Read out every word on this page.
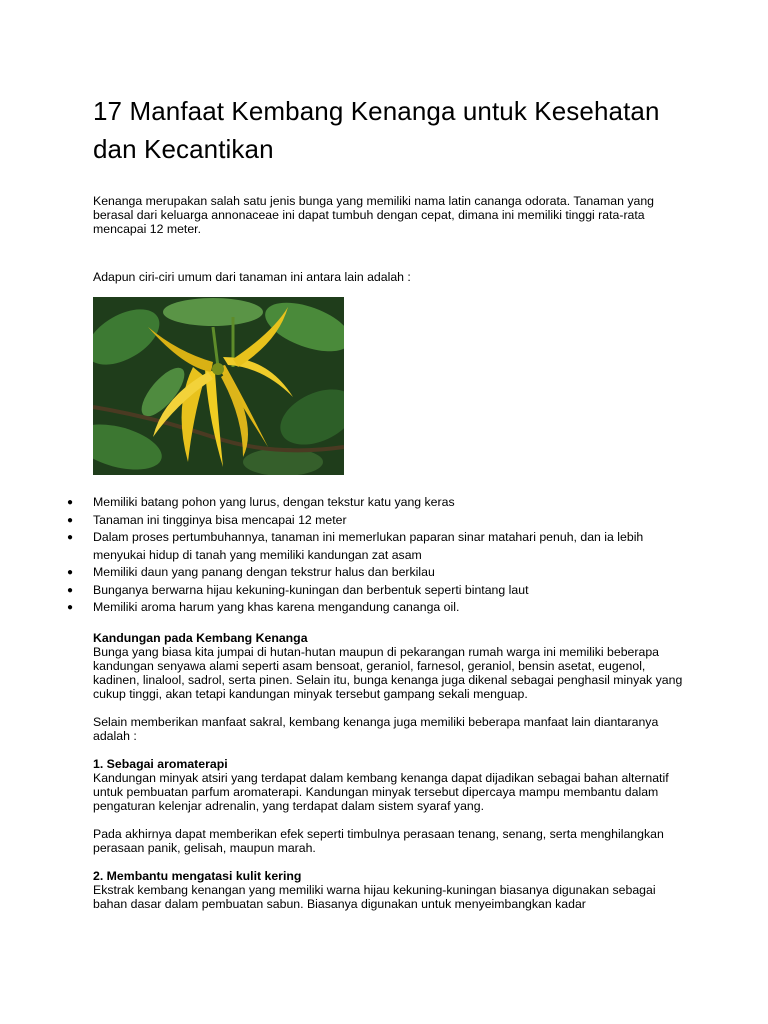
17 Manfaat Kembang Kenanga untuk Kesehatan dan Kecantikan

Kenanga merupakan salah satu jenis bunga yang memiliki nama latin cananga odorata. Tanaman yang berasal dari keluarga annonaceae ini dapat tumbuh dengan cepat, dimana ini memiliki tinggi rata-rata mencapai 12 meter.

Adapun ciri-ciri umum dari tanaman ini antara lain adalah :

● Memiliki batang pohon yang lurus, dengan tekstur katu yang keras
● Tanaman ini tingginya bisa mencapai 12 meter
● Dalam proses pertumbuhannya, tanaman ini memerlukan paparan sinar matahari penuh, dan ia lebih menyukai hidup di tanah yang memiliki kandungan zat asam
● Memiliki daun yang panang dengan tekstrur halus dan berkilau
● Bunganya berwarna hijau kekuning-kuningan dan berbentuk seperti bintang laut
● Memiliki aroma harum yang khas karena mengandung cananga oil.

Kandungan pada Kembang Kenanga

Bunga yang biasa kita jumpai di hutan-hutan maupun di pekarangan rumah warga ini memiliki beberapa kandungan senyawa alami seperti asam bensoat, geraniol, farnesol, geraniol, bensin asetat, eugenol, kadinen, linalool, sadrol, serta pinen. Selain itu, bunga kenanga juga dikenal sebagai penghasil minyak yang cukup tinggi, akan tetapi kandungan minyak tersebut gampang sekali menguap.

Selain memberikan manfaat sakral, kembang kenanga juga memiliki beberapa manfaat lain diantaranya adalah :

1. Sebagai aromaterapi

Kandungan minyak atsiri yang terdapat dalam kembang kenanga dapat dijadikan sebagai bahan alternatif untuk pembuatan parfum aromaterapi. Kandungan minyak tersebut dipercaya mampu membantu dalam pengaturan kelenjar adrenalin, yang terdapat dalam sistem syaraf yang.

Pada akhirnya dapat memberikan efek seperti timbulnya perasaan tenang, senang, serta menghilangkan perasaan panik, gelisah, maupun marah.

2. Membantu mengatasi kulit kering

Ekstrak kembang kenangan yang memiliki warna hijau kekuning-kuningan biasanya digunakan sebagai bahan dasar dalam pembuatan sabun. Biasanya digunakan untuk menyeimbangkan kadar
